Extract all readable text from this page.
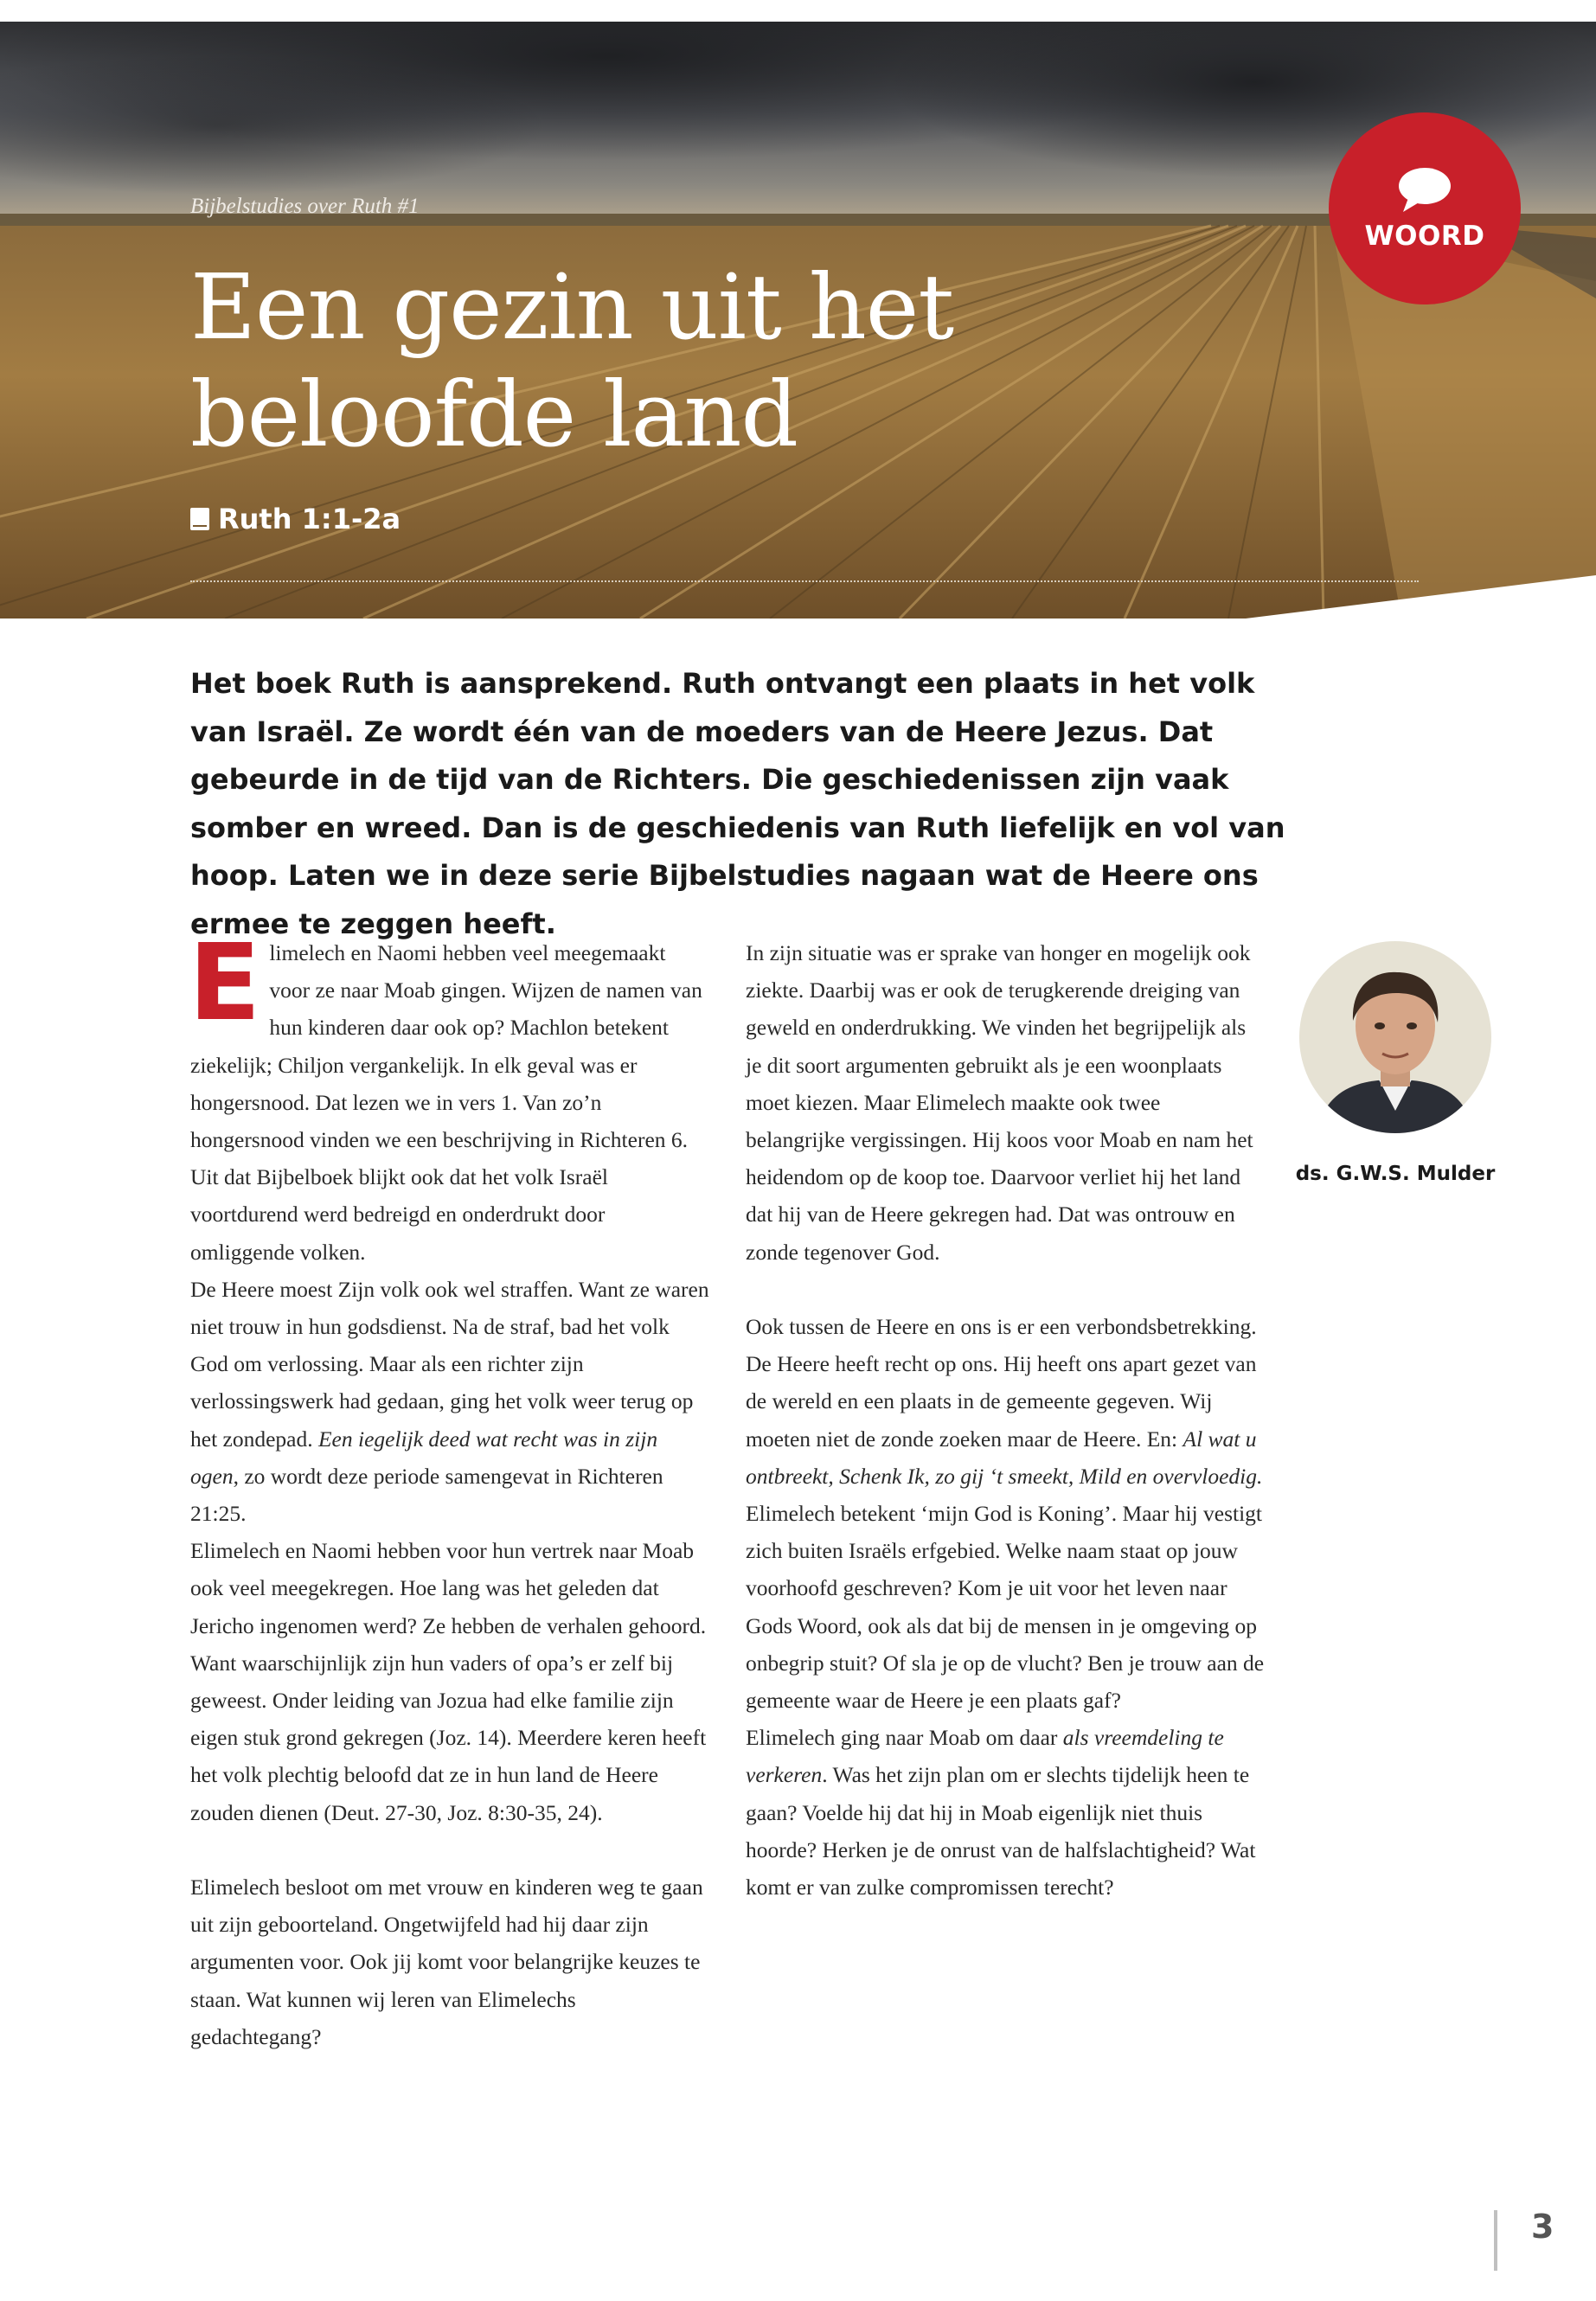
Bijbelstudies over Ruth #1
Een gezin uit het
beloofde land
Ruth 1:1-2a
WOORD

Het boek Ruth is aansprekend. Ruth ontvangt een plaats in het volk van Israël. Ze wordt één van de moeders van de Heere Jezus. Dat gebeurde in de tijd van de Richters. Die geschiedenissen zijn vaak somber en wreed. Dan is de geschiedenis van Ruth liefelijk en vol van hoop. Laten we in deze serie Bijbelstudies nagaan wat de Heere ons ermee te zeggen heeft.

Elimelech en Naomi hebben veel meegemaakt voor ze naar Moab gingen. Wijzen de namen van hun kinderen daar ook op? Machlon betekent ziekelijk; Chiljon vergankelijk. In elk geval was er hongersnood. Dat lezen we in vers 1. Van zo’n hongersnood vinden we een beschrijving in Richteren 6. Uit dat Bijbelboek blijkt ook dat het volk Israël voortdurend werd bedreigd en onderdrukt door omliggende volken.

De Heere moest Zijn volk ook wel straffen. Want ze waren niet trouw in hun godsdienst. Na de straf, bad het volk God om verlossing. Maar als een richter zijn verlossingswerk had gedaan, ging het volk weer terug op het zondepad. Een iegelijk deed wat recht was in zijn ogen, zo wordt deze periode samengevat in Richteren 21:25.

Elimelech en Naomi hebben voor hun vertrek naar Moab ook veel meegekregen. Hoe lang was het geleden dat Jericho ingenomen werd? Ze hebben de verhalen gehoord. Want waarschijnlijk zijn hun vaders of opa’s er zelf bij geweest. Onder leiding van Jozua had elke familie zijn eigen stuk grond gekregen (Joz. 14). Meerdere keren heeft het volk plechtig beloofd dat ze in hun land de Heere zouden dienen (Deut. 27-30, Joz. 8:30-35, 24).

Elimelech besloot om met vrouw en kinderen weg te gaan uit zijn geboorteland. Ongetwijfeld had hij daar zijn argumenten voor. Ook jij komt voor belangrijke keuzes te staan. Wat kunnen wij leren van Elimelechs gedachtegang?

In zijn situatie was er sprake van honger en mogelijk ook ziekte. Daarbij was er ook de terugkerende dreiging van geweld en onderdrukking. We vinden het begrijpelijk als je dit soort argumenten gebruikt als je een woonplaats moet kiezen. Maar Elimelech maakte ook twee belangrijke vergissingen. Hij koos voor Moab en nam het heidendom op de koop toe. Daarvoor verliet hij het land dat hij van de Heere gekregen had. Dat was ontrouw en zonde tegenover God.

Ook tussen de Heere en ons is er een verbondsbetrekking. De Heere heeft recht op ons. Hij heeft ons apart gezet van de wereld en een plaats in de gemeente gegeven. Wij moeten niet de zonde zoeken maar de Heere. En: Al wat u ontbreekt, Schenk Ik, zo gij ‘t smeekt, Mild en overvloedig.

Elimelech betekent ‘mijn God is Koning’. Maar hij vestigt zich buiten Israëls erfgebied. Welke naam staat op jouw voorhoofd geschreven? Kom je uit voor het leven naar Gods Woord, ook als dat bij de mensen in je omgeving op onbegrip stuit? Of sla je op de vlucht? Ben je trouw aan de gemeente waar de Heere je een plaats gaf?

Elimelech ging naar Moab om daar als vreemdeling te verkeren. Was het zijn plan om er slechts tijdelijk heen te gaan? Voelde hij dat hij in Moab eigenlijk niet thuis hoorde? Herken je de onrust van de halfslachtigheid? Wat komt er van zulke compromissen terecht?

ds. G.W.S. Mulder
3
